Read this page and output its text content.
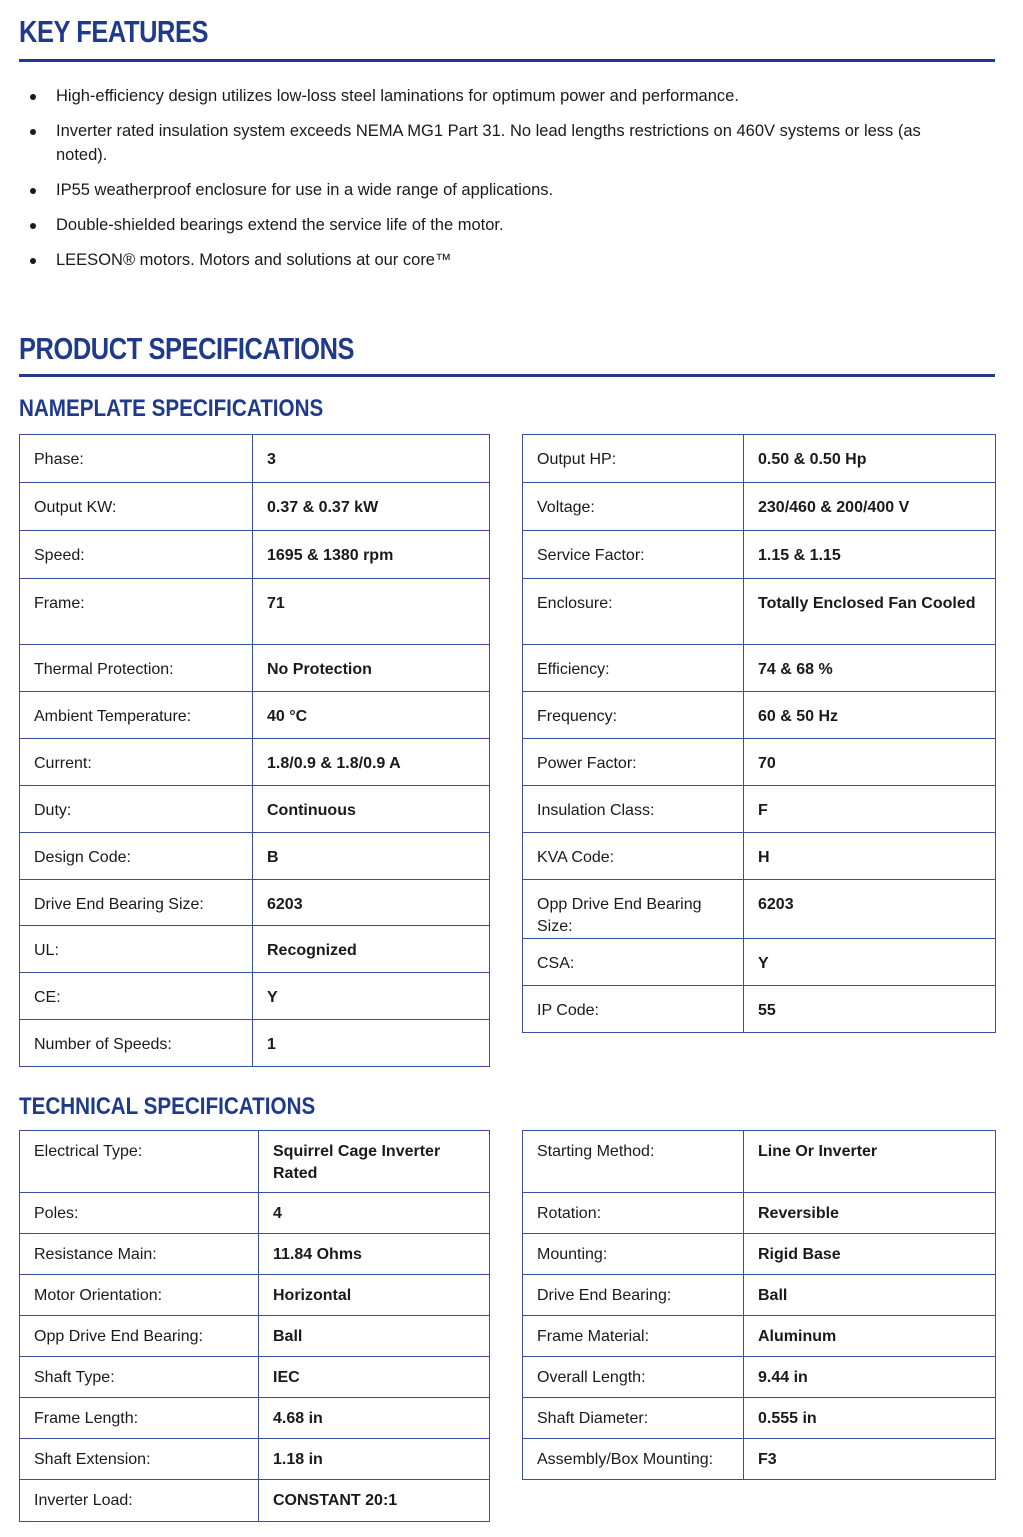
KEY FEATURES
High-efficiency design utilizes low-loss steel laminations for optimum power and performance.
Inverter rated insulation system exceeds NEMA MG1 Part 31. No lead lengths restrictions on 460V systems or less (as noted).
IP55 weatherproof enclosure for use in a wide range of applications.
Double-shielded bearings extend the service life of the motor.
LEESON® motors. Motors and solutions at our core™
PRODUCT SPECIFICATIONS
NAMEPLATE SPECIFICATIONS
Phase:	3
Output KW:	0.37 & 0.37 kW
Speed:	1695 & 1380 rpm
Frame:	71
Thermal Protection:	No Protection
Ambient Temperature:	40 °C
Current:	1.8/0.9 & 1.8/0.9 A
Duty:	Continuous
Design Code:	B
Drive End Bearing Size:	6203
UL:	Recognized
CE:	Y
Number of Speeds:	1
Output HP:	0.50 & 0.50 Hp
Voltage:	230/460 & 200/400 V
Service Factor:	1.15 & 1.15
Enclosure:	Totally Enclosed Fan Cooled
Efficiency:	74 & 68 %
Frequency:	60 & 50 Hz
Power Factor:	70
Insulation Class:	F
KVA Code:	H
Opp Drive End Bearing Size:	6203
CSA:	Y
IP Code:	55
TECHNICAL SPECIFICATIONS
Electrical Type:	Squirrel Cage Inverter Rated
Poles:	4
Resistance Main:	11.84 Ohms
Motor Orientation:	Horizontal
Opp Drive End Bearing:	Ball
Shaft Type:	IEC
Frame Length:	4.68 in
Shaft Extension:	1.18 in
Inverter Load:	CONSTANT 20:1
Starting Method:	Line Or Inverter
Rotation:	Reversible
Mounting:	Rigid Base
Drive End Bearing:	Ball
Frame Material:	Aluminum
Overall Length:	9.44 in
Shaft Diameter:	0.555 in
Assembly/Box Mounting:	F3
